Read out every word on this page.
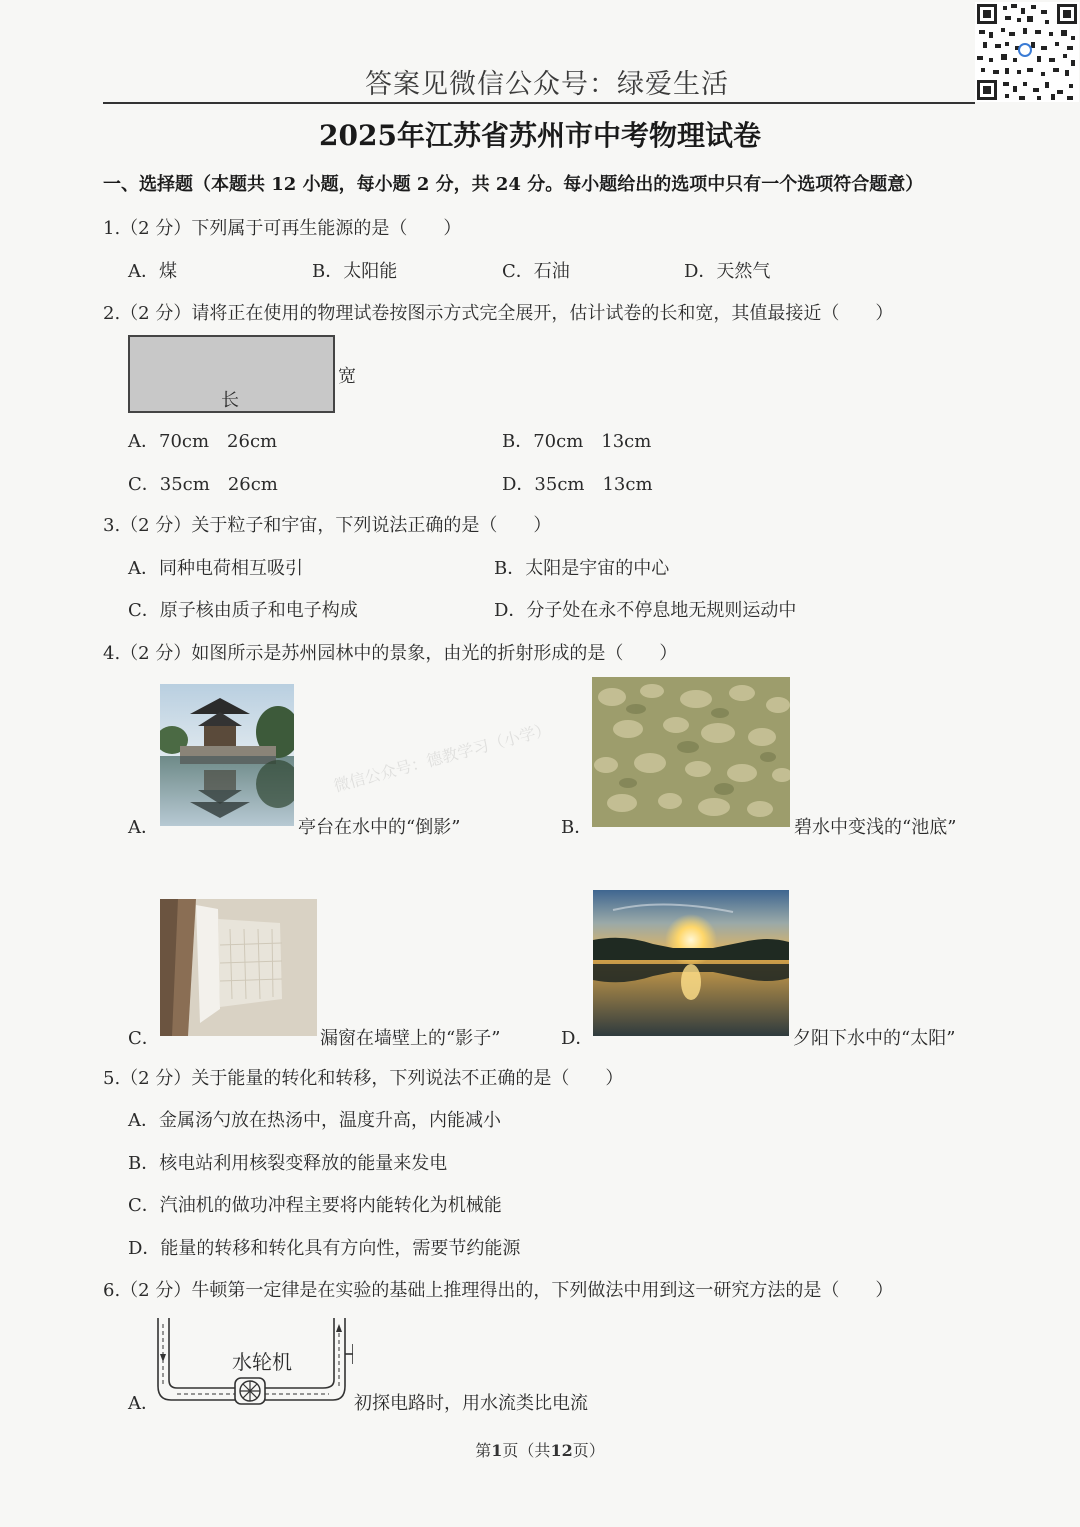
答案见微信公众号：绿爱生活
2025年江苏省苏州市中考物理试卷
一、选择题（本题共 12 小题，每小题 2 分，共 24 分。每小题给出的选项中只有一个选项符合题意）
1.（2 分）下列属于可再生能源的是（　　）
A．煤	B．太阳能	C．石油	D．天然气
2.（2 分）请将正在使用的物理试卷按图示方式完全展开，估计试卷的长和宽，其值最接近（　　）
长
宽
A．70cm　26cm	B．70cm　13cm
C．35cm　26cm	D．35cm　13cm
3.（2 分）关于粒子和宇宙，下列说法正确的是（　　）
A．同种电荷相互吸引	B．太阳是宇宙的中心
C．原子核由质子和电子构成	D．分子处在永不停息地无规则运动中
4.（2 分）如图所示是苏州园林中的景象，由光的折射形成的是（　　）
微信公众号：德教学习（小学）
A．	亭台在水中的“倒影”	B．	碧水中变浅的“池底”
C．	漏窗在墙壁上的“影子”	D．	夕阳下水中的“太阳”
5.（2 分）关于能量的转化和转移，下列说法不正确的是（　　）
A．金属汤勺放在热汤中，温度升高，内能减小
B．核电站利用核裂变释放的能量来发电
C．汽油机的做功冲程主要将内能转化为机械能
D．能量的转移和转化具有方向性，需要节约能源
6.（2 分）牛顿第一定律是在实验的基础上推理得出的，下列做法中用到这一研究方法的是（　　）
A．
水轮机
初探电路时，用水流类比电流
第1页（共12页）
